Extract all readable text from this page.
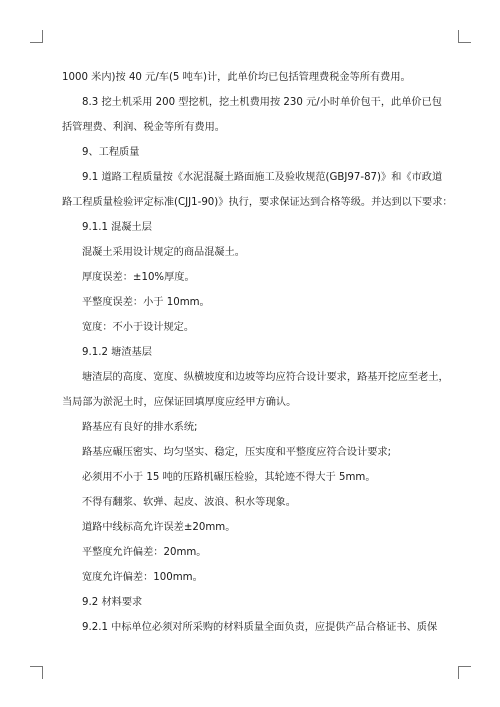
1000 米内)按 40 元/车(5 吨车)计，此单价均已包括管理费税金等所有费用。
8.3 挖土机采用 200 型挖机，挖土机费用按 230 元/小时单价包干，此单价已包
括管理费、利润、税金等所有费用。
9、工程质量
9.1 道路工程质量按《水泥混凝土路面施工及验收规范(GBJ97-87)》和《市政道
路工程质量检验评定标准(CJJ1-90)》执行，要求保证达到合格等级。并达到以下要求：
9.1.1 混凝土层
混凝土采用设计规定的商品混凝土。
厚度误差：±10%厚度。
平整度误差：小于 10mm。
宽度：不小于设计规定。
9.1.2 塘渣基层
塘渣层的高度、宽度、纵横坡度和边坡等均应符合设计要求，路基开挖应至老土，
当局部为淤泥土时，应保证回填厚度应经甲方确认。
路基应有良好的排水系统;
路基应碾压密实、均匀坚实、稳定，压实度和平整度应符合设计要求;
必须用不小于 15 吨的压路机碾压检验，其轮迹不得大于 5mm。
不得有翻浆、软弹、起皮、波浪、积水等现象。
道路中线标高允许误差±20mm。
平整度允许偏差：20mm。
宽度允许偏差：100mm。
9.2 材料要求
9.2.1 中标单位必须对所采购的材料质量全面负责，应提供产品合格证书、质保
